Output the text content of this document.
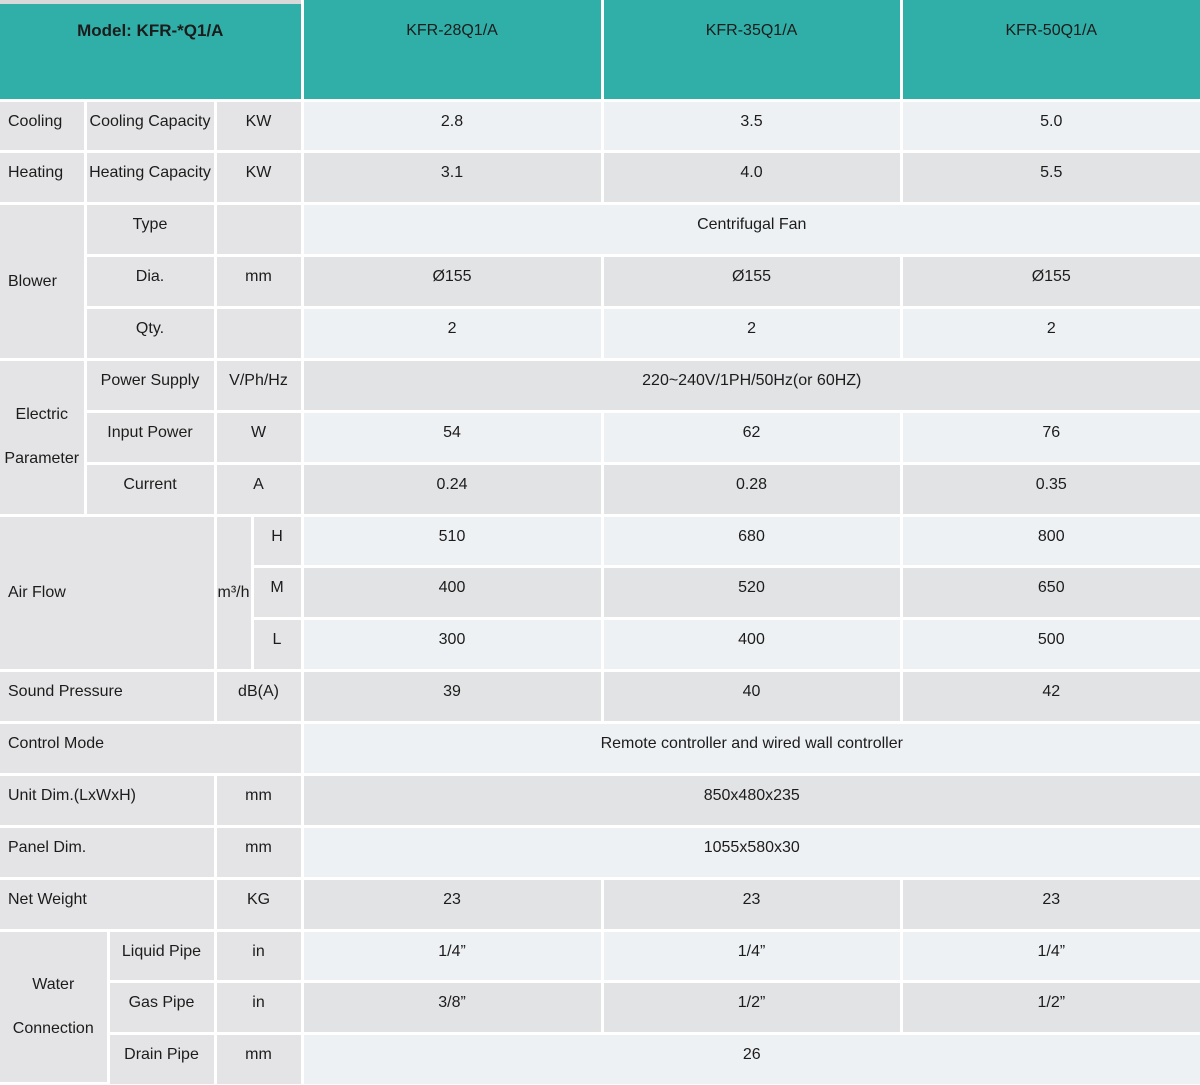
Model: KFR-*Q1/A					KFR-28Q1/A	KFR-35Q1/A	KFR-50Q1/A
Cooling	Cooling Capacity		KW		2.8	3.5	5.0
Heating	Heating Capacity		KW		3.1	4.0	5.5
Blower	Type				Centrifugal Fan		
	Dia.		mm		Ø155	Ø155	Ø155
	Qty.				2	2	2
Electric Parameter	Power Supply		V/Ph/Hz		220~240V/1PH/50Hz(or 60HZ)		
	Input Power		W		54	62	76
	Current		A		0.24	0.28	0.35
Air Flow			m³/h	H	510	680	800
				M	400	520	650
				L	300	400	500
Sound Pressure			dB(A)		39	40	42
Control Mode					Remote controller and wired wall controller		
Unit Dim.(LxWxH)			mm		850x480x235		
Panel Dim.			mm		1055x580x30		
Net Weight			KG		23	23	23
Water Connection		Liquid Pipe	in		1/4”	1/4”	1/4”
		Gas Pipe	in		3/8”	1/2”	1/2”
		Drain Pipe	mm		26		
